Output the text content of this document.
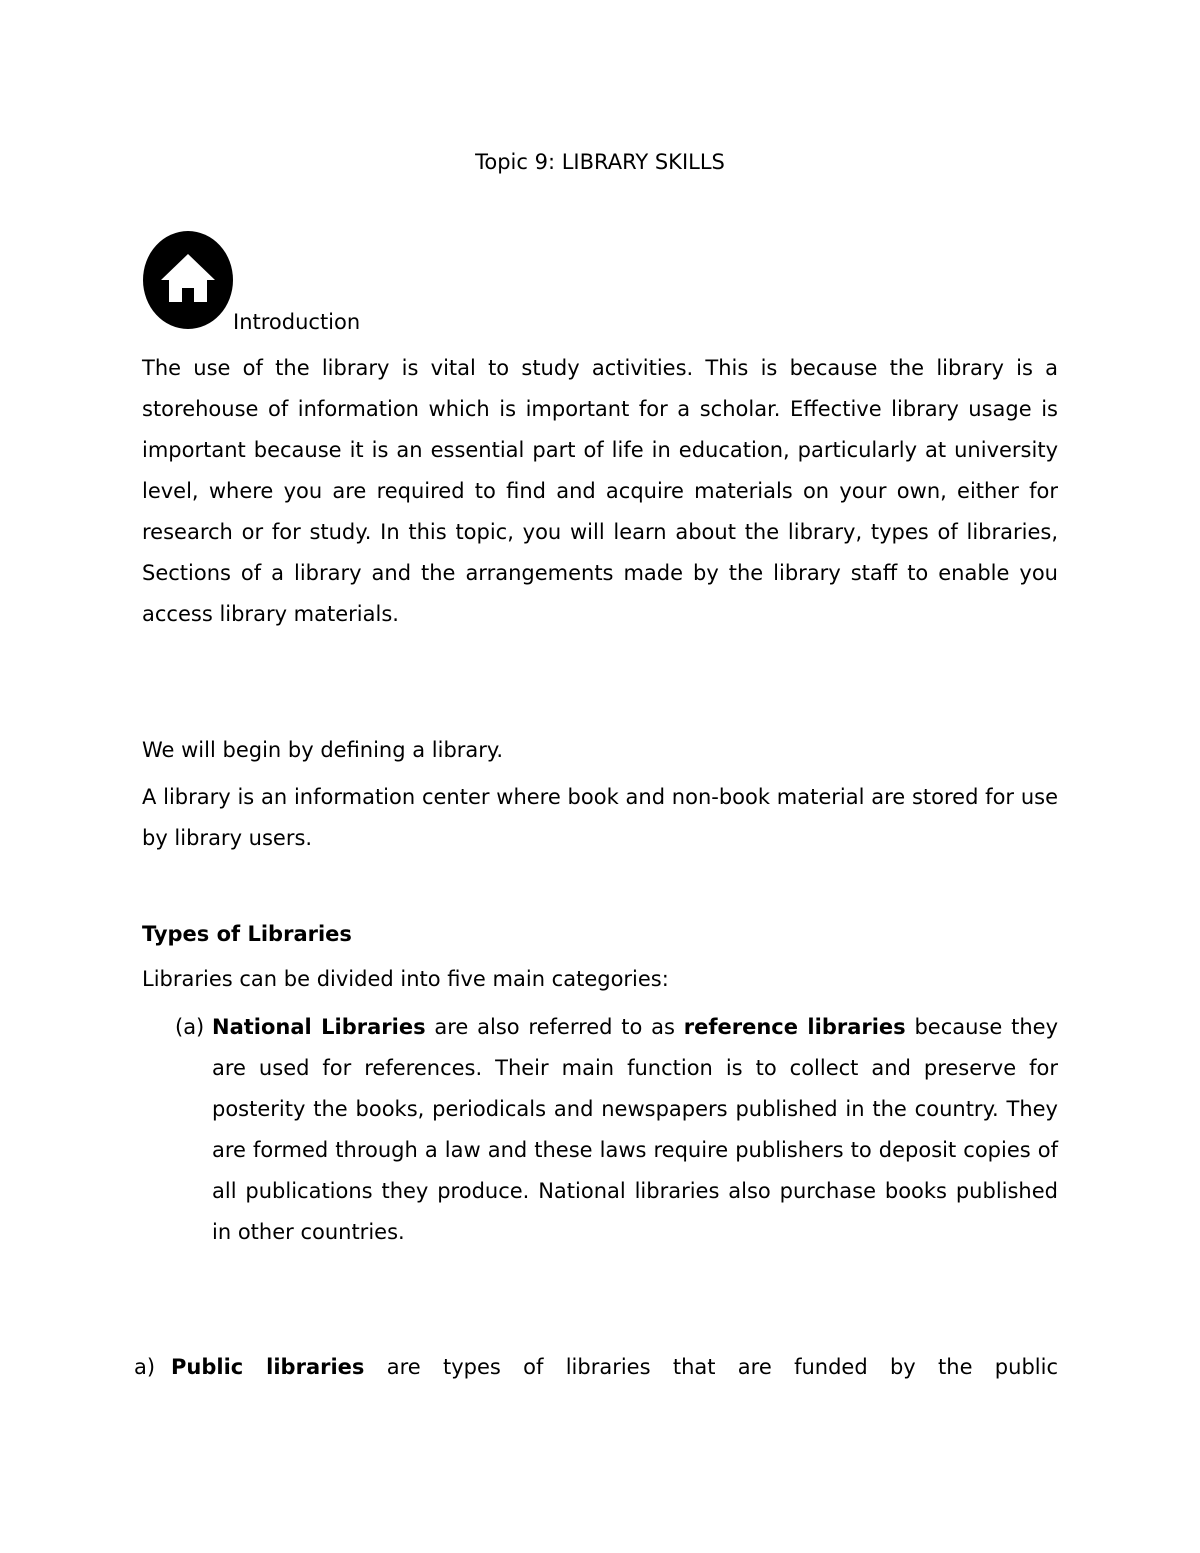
Topic 9: LIBRARY SKILLS
Introduction
The use of the library is vital to study activities. This is because the library is a storehouse of information which is important for a scholar. Effective library usage is important because it is an essential part of life in education, particularly at university level, where you are required to find and acquire materials on your own, either for research or for study. In this topic, you will learn about the library, types of libraries, Sections of a library and the arrangements made by the library staff to enable you access library materials.
We will begin by defining a library.
A library is an information center where book and non-book material are stored for use by library users.
Types of Libraries
Libraries can be divided into five main categories:
(a) National Libraries are also referred to as reference libraries because they are used for references. Their main function is to collect and preserve for posterity the books, periodicals and newspapers published in the country. They are formed through a law and these laws require publishers to deposit copies of all publications they produce. National libraries also purchase books published in other countries.
a) Public libraries are types of libraries that are funded by the public
